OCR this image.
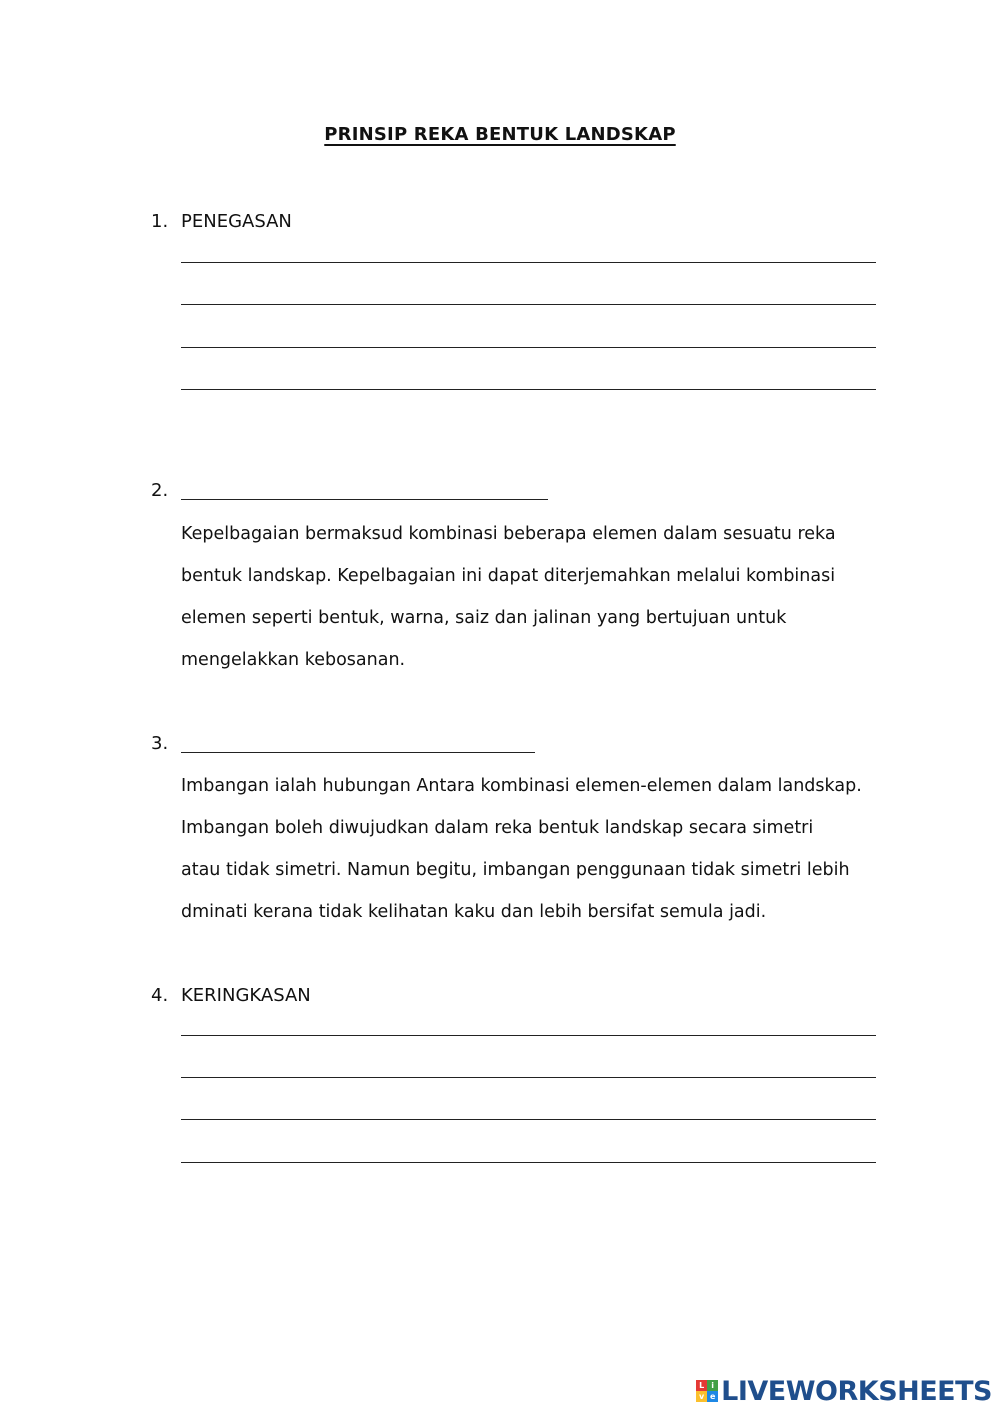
PRINSIP REKA BENTUK LANDSKAP
1. PENEGASAN
2.
Kepelbagaian bermaksud kombinasi beberapa elemen dalam sesuatu reka
bentuk landskap. Kepelbagaian ini dapat diterjemahkan melalui kombinasi
elemen seperti bentuk, warna, saiz dan jalinan yang bertujuan untuk
mengelakkan kebosanan.
3.
Imbangan ialah hubungan Antara kombinasi elemen-elemen dalam landskap.
Imbangan boleh diwujudkan dalam reka bentuk landskap secara simetri
atau tidak simetri. Namun begitu, imbangan penggunaan tidak simetri lebih
dminati kerana tidak kelihatan kaku dan lebih bersifat semula jadi.
4. KERINGKASAN
L i
v e LIVEWORKSHEETS
